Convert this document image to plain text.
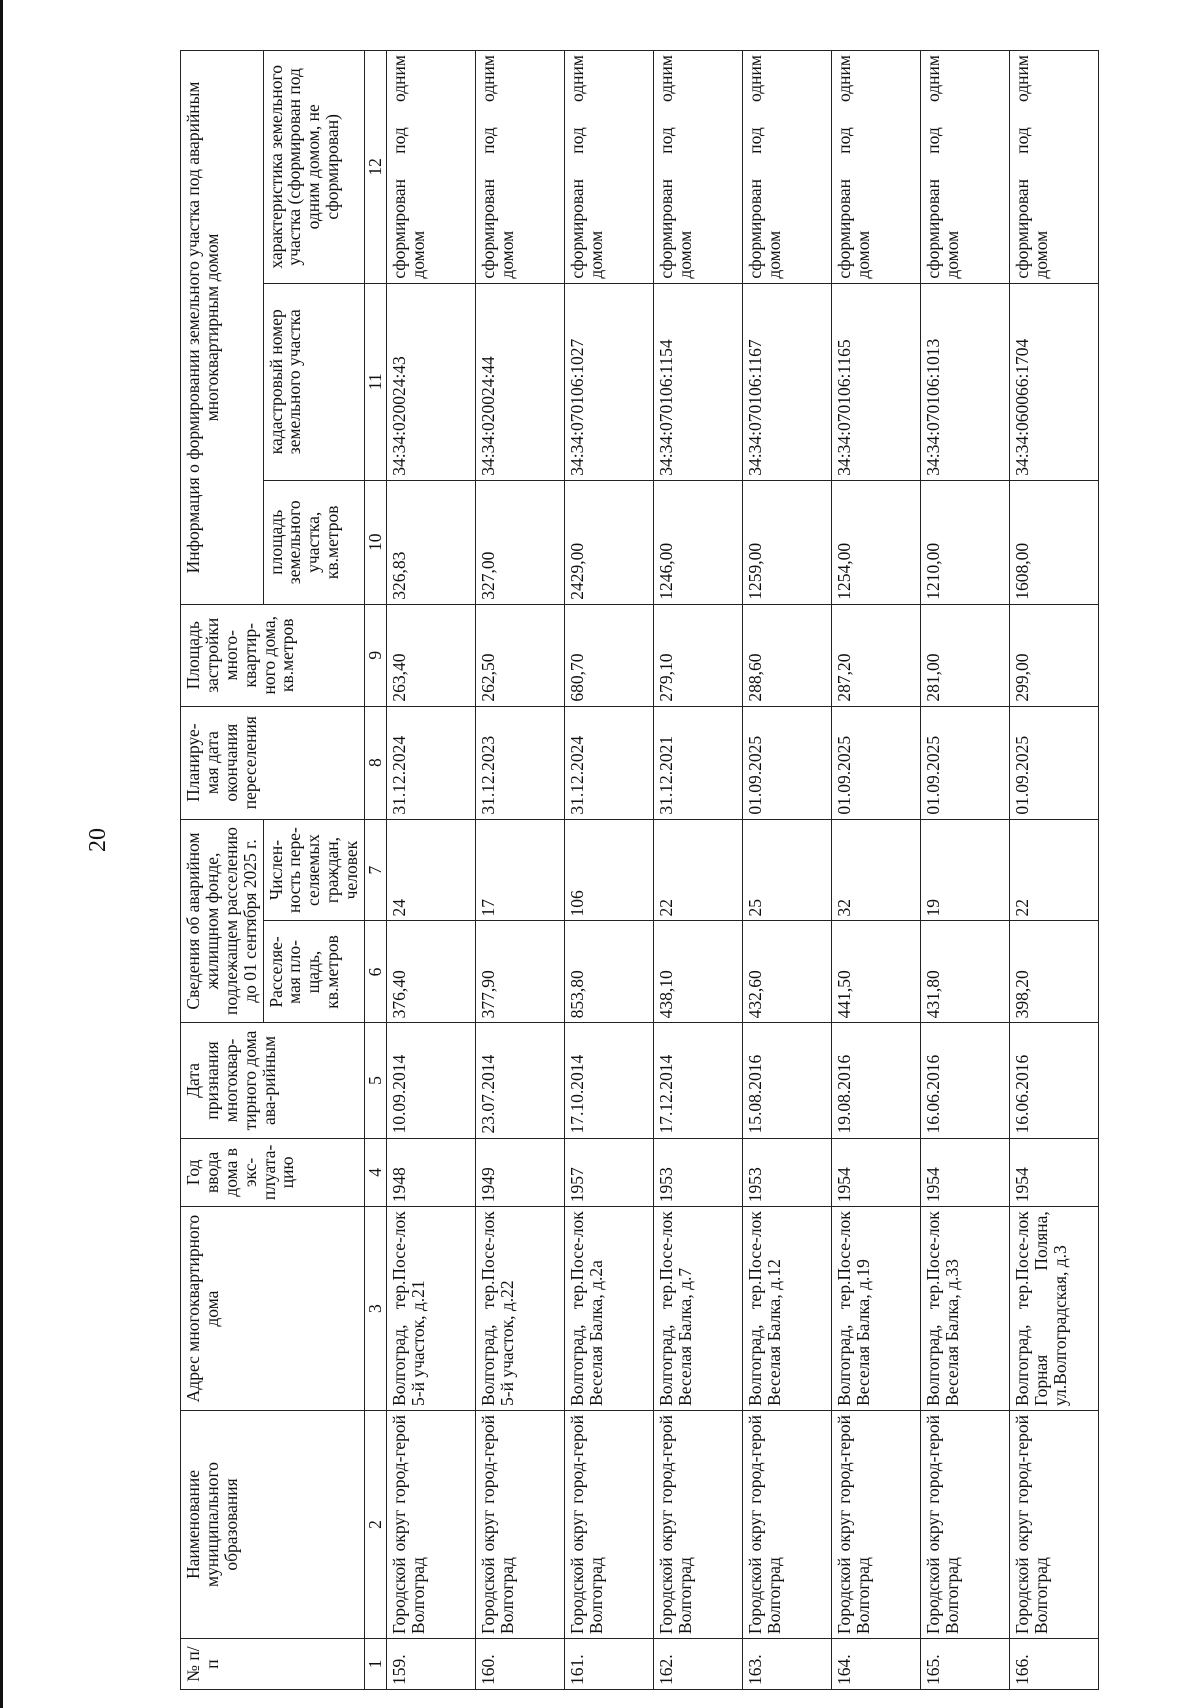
20
№ п/п	Наименование муниципального образования	Адрес многоквартирного дома	Год ввода дома в экс-плуата-цию	Дата признания многоквар-тирного дома ава-рийным	Сведения об аварийном жилищном фонде, подлежащем расселению до 01 сентября 2025 г.		Планируе-мая дата окончания переселения	Площадь застройки много-квартир-ного дома, кв.метров	Информация о формировании земельного участка под аварийным многоквартирным домом		
					Расселяе-мая пло-щадь, кв.метров	Числен-ность пере-селяемых граждан, человек			площадь земельного участка, кв.метров	кадастровый номер земельного участка	характеристика земельного участка (сформирован под одним домом, не сформирован)
1	2	3	4	5	6	7	8	9	10	11	12
159.	Городской округ город-герой Волгоград	Волгоград, тер.Посе-лок 5-й участок, д.21	1948	10.09.2014	376,40	24	31.12.2024	263,40	326,83	34:34:020024:43	сформирован под одним домом
160.	Городской округ город-герой Волгоград	Волгоград, тер.Посе-лок 5-й участок, д.22	1949	23.07.2014	377,90	17	31.12.2023	262,50	327,00	34:34:020024:44	сформирован под одним домом
161.	Городской округ город-герой Волгоград	Волгоград, тер.Посе-лок Веселая Балка, д.2а	1957	17.10.2014	853,80	106	31.12.2024	680,70	2429,00	34:34:070106:1027	сформирован под одним домом
162.	Городской округ город-герой Волгоград	Волгоград, тер.Посе-лок Веселая Балка, д.7	1953	17.12.2014	438,10	22	31.12.2021	279,10	1246,00	34:34:070106:1154	сформирован под одним домом
163.	Городской округ город-герой Волгоград	Волгоград, тер.Посе-лок Веселая Балка, д.12	1953	15.08.2016	432,60	25	01.09.2025	288,60	1259,00	34:34:070106:1167	сформирован под одним домом
164.	Городской округ город-герой Волгоград	Волгоград, тер.Посе-лок Веселая Балка, д.19	1954	19.08.2016	441,50	32	01.09.2025	287,20	1254,00	34:34:070106:1165	сформирован под одним домом
165.	Городской округ город-герой Волгоград	Волгоград, тер.Посе-лок Веселая Балка, д.33	1954	16.06.2016	431,80	19	01.09.2025	281,00	1210,00	34:34:070106:1013	сформирован под одним домом
166.	Городской округ город-герой Волгоград	Волгоград, тер.Посе-лок Горная Поляна, ул.Волгоградская, д.3	1954	16.06.2016	398,20	22	01.09.2025	299,00	1608,00	34:34:060066:1704	сформирован под одним домом
